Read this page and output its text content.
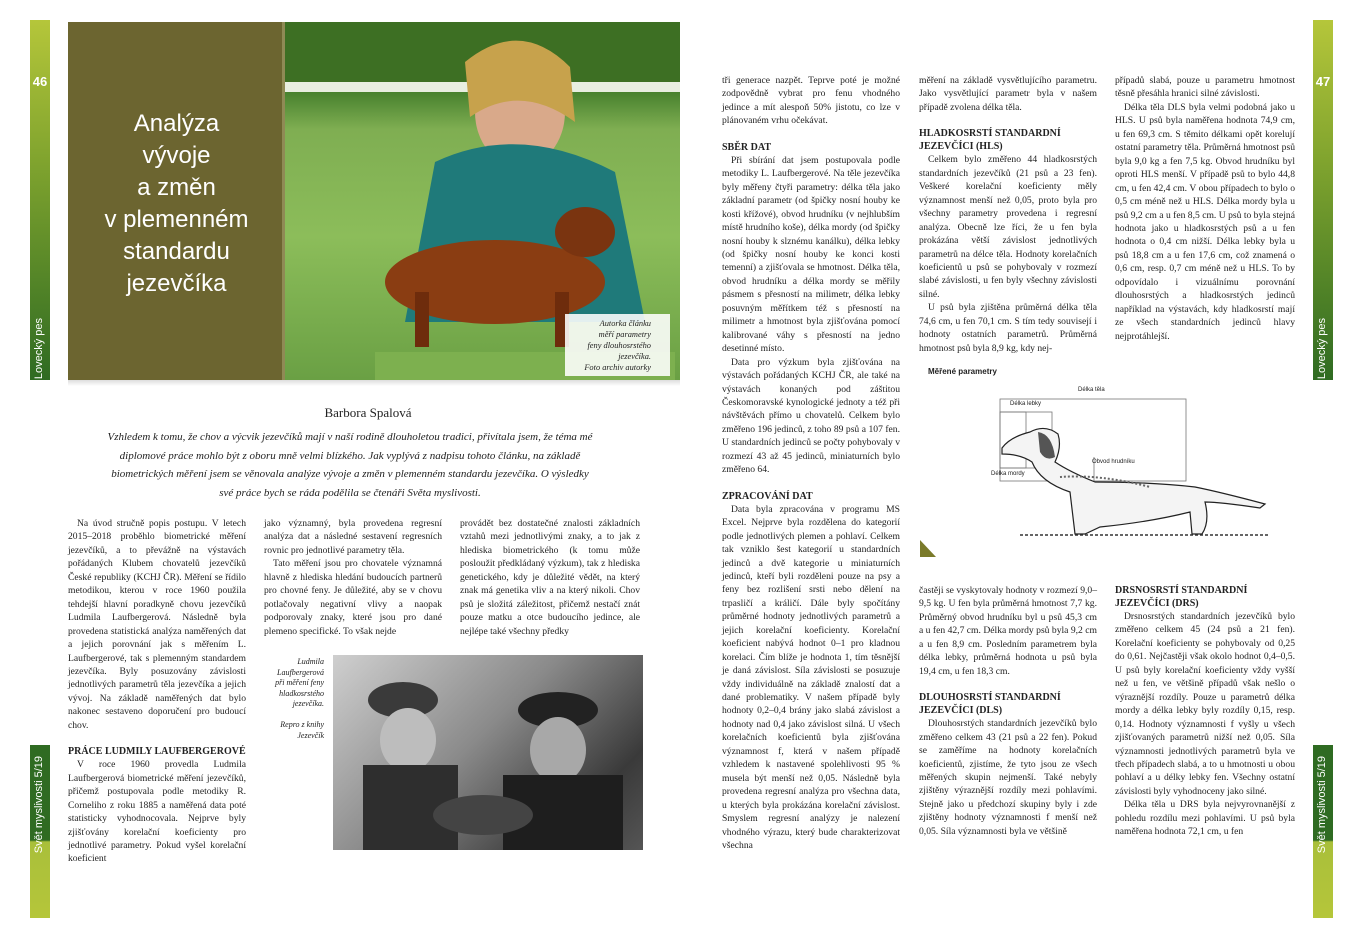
46
Lovecký pes
Svět myslivosti 5/19
47
Lovecký pes
Svět myslivosti 5/19
Analýza
vývoje
a změn
v plemenném
standardu
jezevčíka
Autorka článku
měří parametry
feny dlouhosrstého
jezevčíka.
Foto archiv autorky
Barbora Spalová
Vzhledem k tomu, že chov a výcvik jezevčíků mají v naší rodině dlouholetou tradici, přivítala jsem, že téma mé diplomové práce mohlo být z oboru mně velmi blízkého. Jak vyplývá z nadpisu tohoto článku, na základě biometrických měření jsem se věnovala analýze vývoje a změn v plemenném standardu jezevčíka. O výsledky své práce bych se ráda podělila se čtenáři Světa myslivosti.

Na úvod stručně popis postupu. V letech 2015–2018 proběhlo biometrické měření jezevčíků, a to převážně na výstavách pořádaných Klubem chovatelů jezevčíků České republiky (KCHJ ČR). Měření se řídilo metodikou, kterou v roce 1960 použila tehdejší hlavní poradkyně chovu jezevčíků Ludmila Laufbergerová. Následně byla provedena statistická analýza naměřených dat a jejich porovnání jak s měřením L. Laufbergerové, tak s plemenným standardem jezevčíka. Byly posuzovány závislosti jednotlivých parametrů těla jezevčíka a jejich vývoj. Na základě naměřených dat bylo nakonec sestaveno doporučení pro budoucí chov.

PRÁCE LUDMILY LAUFBERGEROVÉ

V roce 1960 provedla Ludmila Laufbergerová biometrické měření jezevčíků, přičemž postupovala podle metodiky R. Corneliho z roku 1885 a naměřená data poté statisticky vyhodnocovala. Nejprve byly zjišťovány korelační koeficienty pro jednotlivé parametry. Pokud vyšel korelační koeficient

jako významný, byla provedena regresní analýza dat a následné sestavení regresních rovnic pro jednotlivé parametry těla.

Tato měření jsou pro chovatele významná hlavně z hlediska hledání budoucích partnerů pro chovné feny. Je důležité, aby se v chovu potlačovaly negativní vlivy a naopak podporovaly znaky, které jsou pro dané plemeno specifické. To však nejde

provádět bez dostatečné znalosti základních vztahů mezi jednotlivými znaky, a to jak z hlediska biometrického (k tomu může posloužit předkládaný výzkum), tak z hlediska genetického, kdy je důležité vědět, na který znak má genetika vliv a na který nikoli. Chov psů je složitá záležitost, přičemž nestačí znát pouze matku a otce budoucího jedince, ale nejlépe také všechny předky

Ludmila
Laufbergerová
při měření feny
hladkosrstého
jezevčíka.
Repro z knihy
Jezevčík

tři generace nazpět. Teprve poté je možné zodpovědně vybrat pro fenu vhodného jedince a mít alespoň 50% jistotu, co lze v plánovaném vrhu očekávat.

SBĚR DAT

Při sbírání dat jsem postupovala podle metodiky L. Laufbergerové. Na těle jezevčíka byly měřeny čtyři parametry: délka těla jako základní parametr (od špičky nosní houby ke kosti křížové), obvod hrudníku (v nejhlubším místě hrudního koše), délka mordy (od špičky nosní houby k slznému kanálku), délka lebky (od špičky nosní houby ke konci kosti temenní) a zjišťovala se hmotnost. Délka těla, obvod hrudníku a délka mordy se měřily pásmem s přesností na milimetr, délka lebky posuvným měřítkem též s přesností na milimetr a hmotnost byla zjišťována pomocí kalibrované váhy s přesností na jedno desetinné místo.

Data pro výzkum byla zjišťována na výstavách pořádaných KCHJ ČR, ale také na výstavách konaných pod záštitou Českomoravské kynologické jednoty a též při návštěvách přímo u chovatelů. Celkem bylo změřeno 196 jedinců, z toho 89 psů a 107 fen. U standardních jedinců se počty pohybovaly v rozmezí 43 až 45 jedinců, miniaturních bylo změřeno 64.

ZPRACOVÁNÍ DAT

Data byla zpracována v programu MS Excel. Nejprve byla rozdělena do kategorií podle jednotlivých plemen a pohlaví. Celkem tak vzniklo šest kategorií u standardních jedinců a dvě kategorie u miniaturních jedinců, kteří byli rozděleni pouze na psy a feny bez rozlišení srsti nebo dělení na trpasličí a králičí. Dále byly spočítány průměrné hodnoty jednotlivých parametrů a jejich korelační koeficienty. Korelační koeficient nabývá hodnot 0–1 pro kladnou korelaci. Čím blíže je hodnota 1, tím těsnější je daná závislost. Síla závislosti se posuzuje vždy individuálně na základě znalostí dat a dané problematiky. V našem případě byly hodnoty 0,2–0,4 brány jako slabá závislost a hodnoty nad 0,4 jako závislost silná. U všech korelačních koeficientů byla zjišťována významnost f, která v našem případě vzhledem k nastavené spolehlivosti 95 % musela být menší než 0,05. Následně byla provedena regresní analýza pro všechna data, u kterých byla prokázána korelační závislost. Smyslem regresní analýzy je nalezení vhodného výrazu, který bude charakterizovat všechna

měření na základě vysvětlujícího parametru. Jako vysvětlující parametr byla v našem případě zvolena délka těla.

HLADKOSRSTÍ STANDARDNÍ JEZEVČÍCI (HLS)

Celkem bylo změřeno 44 hladkosrstých standardních jezevčíků (21 psů a 23 fen). Veškeré korelační koeficienty měly významnost menší než 0,05, proto byla pro všechny parametry provedena i regresní analýza. Obecně lze říci, že u fen byla prokázána větší závislost jednotlivých parametrů na délce těla. Hodnoty korelačních koeficientů u psů se pohybovaly v rozmezí slabé závislosti, u fen byly všechny závislosti silné.

U psů byla zjištěna průměrná délka těla 74,6 cm, u fen 70,1 cm. S tím tedy souvisejí i hodnoty ostatních parametrů. Průměrná hmotnost psů byla 8,9 kg, kdy nej-

případů slabá, pouze u parametru hmotnost těsně přesáhla hranici silné závislosti.

Délka těla DLS byla velmi podobná jako u HLS. U psů byla naměřena hodnota 74,9 cm, u fen 69,3 cm. S těmito délkami opět korelují ostatní parametry těla. Průměrná hmotnost psů byla 9,0 kg a fen 7,5 kg. Obvod hrudníku byl oproti HLS menší. V případě psů to bylo 44,8 cm, u fen 42,4 cm. V obou případech to bylo o 0,5 cm méně než u HLS. Délka mordy byla u psů 9,2 cm a u fen 8,5 cm. U psů to byla stejná hodnota jako u hladkosrstých psů a u fen hodnota o 0,4 cm nižší. Délka lebky byla u psů 18,8 cm a u fen 17,6 cm, což znamená o 0,6 cm, resp. 0,7 cm méně než u HLS. To by odpovídalo i vizuálnímu porovnání dlouhosrstých a hladkosrstých jedinců například na výstavách, kdy hladkosrstí mají ze všech standardních jedinců hlavy nejprotáhlejší.

častěji se vyskytovaly hodnoty v rozmezí 9,0–9,5 kg. U fen byla průměrná hmotnost 7,7 kg. Průměrný obvod hrudníku byl u psů 45,3 cm a u fen 42,7 cm. Délka mordy psů byla 9,2 cm a u fen 8,9 cm. Posledním parametrem byla délka lebky, průměrná hodnota u psů byla 19,4 cm, u fen 18,3 cm.

DLOUHOSRSTÍ STANDARDNÍ JEZEVČÍCI (DLS)

Dlouhosrstých standardních jezevčíků bylo změřeno celkem 43 (21 psů a 22 fen). Pokud se zaměříme na hodnoty korelačních koeficientů, zjistíme, že tyto jsou ze všech měřených skupin nejmenší. Také nebyly zjištěny výraznější rozdíly mezi pohlavími. Stejně jako u předchozí skupiny byly i zde zjištěny hodnoty významnosti f menší než 0,05. Síla významnosti byla ve většině

DRSNOSRSTÍ STANDARDNÍ JEZEVČÍCI (DRS)

Drsnosrstých standardních jezevčíků bylo změřeno celkem 45 (24 psů a 21 fen). Korelační koeficienty se pohybovaly od 0,25 do 0,61. Nejčastěji však okolo hodnot 0,4–0,5. U psů byly korelační koeficienty vždy vyšší než u fen, ve většině případů však nešlo o výraznější rozdíly. Pouze u parametrů délka mordy a délka lebky byly rozdíly 0,15, resp. 0,14. Hodnoty významnosti f vyšly u všech zjišťovaných parametrů nižší než 0,05. Síla významnosti jednotlivých parametrů byla ve třech případech slabá, a to u hmotnosti u obou pohlaví a u délky lebky fen. Všechny ostatní závislosti byly vyhodnoceny jako silné.

Délka těla u DRS byla nejvyrovnanější z pohledu rozdílu mezi pohlavími. U psů byla naměřena hodnota 72,1 cm, u fen

Měřené parametry
Délka těla
Délka lebky
Délka mordy
Obvod hrudníku
